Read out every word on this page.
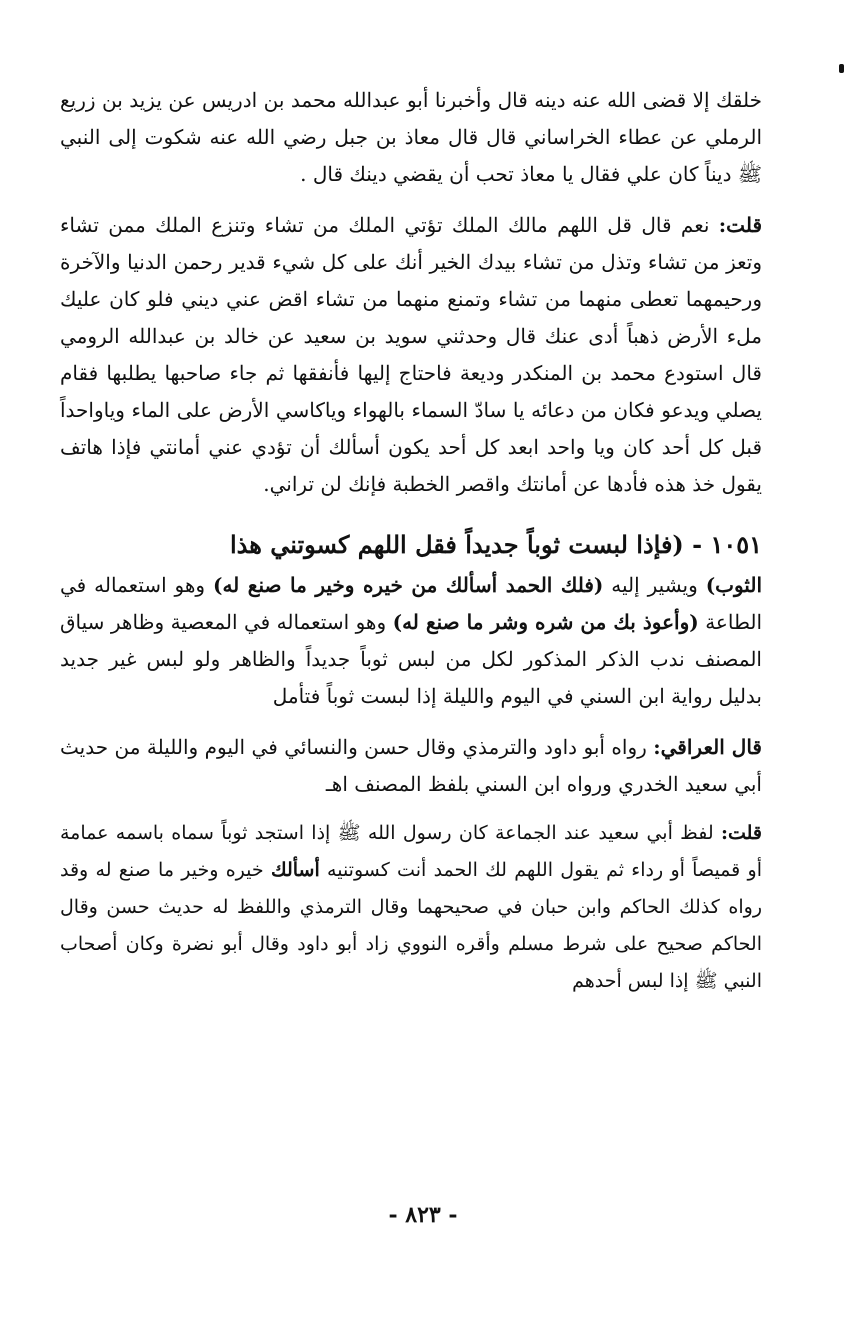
خلقك إلا قضى الله عنه دينه قال وأخبرنا أبو عبدالله محمد بن ادريس عن يزيد بن زريع الرملي عن عطاء الخراساني قال قال معاذ بن جبل رضي الله عنه شكوت إلى النبي ﷺ ديناً كان علي فقال يا معاذ تحب أن يقضي دينك قال .

قلت: نعم قال قل اللهم مالك الملك تؤتي الملك من تشاء وتنزع الملك ممن تشاء وتعز من تشاء وتذل من تشاء بيدك الخير أنك على كل شيء قدير رحمن الدنيا والآخرة ورحيمهما تعطى منهما من تشاء وتمنع منهما من تشاء اقض عني ديني فلو كان عليك ملء الأرض ذهباً أدى عنك قال وحدثني سويد بن سعيد عن خالد بن عبدالله الرومي قال استودع محمد بن المنكدر وديعة فاحتاج إليها فأنفقها ثم جاء صاحبها يطلبها فقام يصلي ويدعو فكان من دعائه يا سادّ السماء بالهواء وياكاسي الأرض على الماء وياواحداً قبل كل أحد كان ويا واحد ابعد كل أحد يكون أسألك أن تؤدي عني أمانتي فإذا هاتف يقول خذ هذه فأدها عن أمانتك واقصر الخطبة فإنك لن تراني.

١٠٥١ - (فإذا لبست ثوباً جديداً فقل اللهم كسوتني هذا

الثوب) ويشير إليه (فلك الحمد أسألك من خيره وخير ما صنع له) وهو استعماله في الطاعة (وأعوذ بك من شره وشر ما صنع له) وهو استعماله في المعصية وظاهر سياق المصنف ندب الذكر المذكور لكل من لبس ثوباً جديداً والظاهر ولو لبس غير جديد بدليل رواية ابن السني في اليوم والليلة إذا لبست ثوباً فتأمل

قال العراقي: رواه أبو داود والترمذي وقال حسن والنسائي في اليوم والليلة من حديث أبي سعيد الخدري ورواه ابن السني بلفظ المصنف اهـ

قلت: لفظ أبي سعيد عند الجماعة كان رسول الله ﷺ إذا استجد ثوباً سماه باسمه عمامة أو قميصاً أو رداء ثم يقول اللهم لك الحمد أنت كسوتنيه أسألك خيره وخير ما صنع له وقد رواه كذلك الحاكم وابن حبان في صحيحهما وقال الترمذي واللفظ له حديث حسن وقال الحاكم صحيح على شرط مسلم وأقره النووي زاد أبو داود وقال أبو نضرة وكان أصحاب النبي ﷺ إذا لبس أحدهم

- ٨٢٣ -
